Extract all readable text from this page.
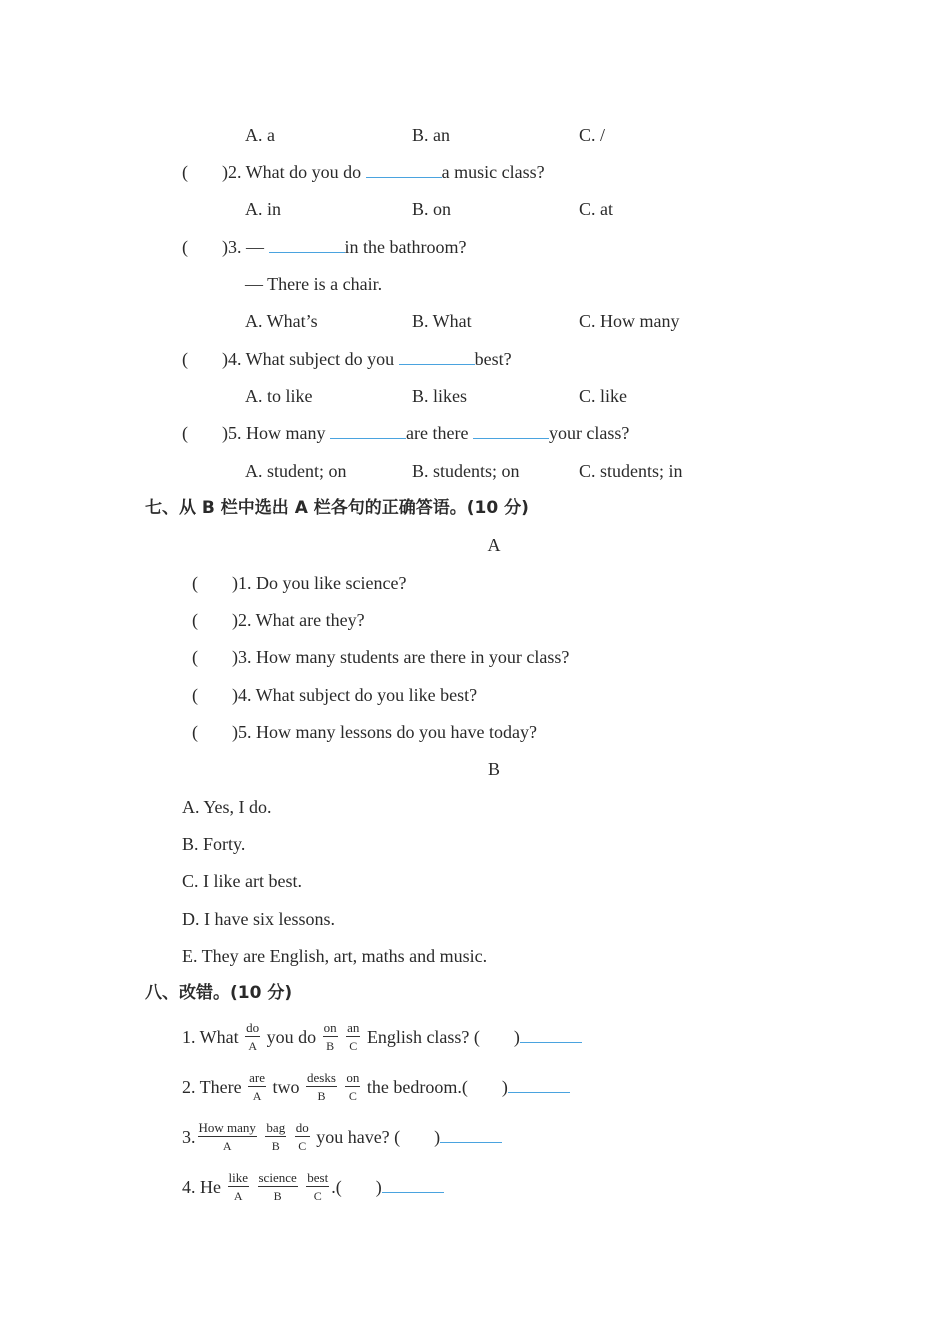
A. a	B. an	C. /
( )2. What do you do	a music class?
A. in	B. on	C. at
( )3. —	in the bathroom?
— There is a chair.
A. What’s	B. What	C. How many
( )4. What subject do you	best?
A. to like	B. likes	C. like
( )5. How many	are there	your class?
A. student; on	B. students; on	C. students; in
七、从 B 栏中选出 A 栏各句的正确答语。(10 分)
A
( )1. Do you like science?
( )2. What are they?
( )3. How many students are there in your class?
( )4. What subject do you like best?
( )5. How many lessons do you have today?
B
A. Yes, I do.
B. Forty.
C. I like art best.
D. I have six lessons.
E. They are English, art, maths and music.
八、改错。(10 分)
1. What $\frac{do}{A}$ you do $\frac{on}{B}$
$\frac{an}{C}$ English class? ( )
2. There $\frac{\text{are}}{A}$ two $\frac{\text{desks}}{B}$
$\frac{on}{C}$ the bedroom.( )
3. $\frac{\text{How many}}{A}$
$\frac{\text{bag}}{B}$
$\frac{do}{C}$ you have? ( )
4. He $\frac{\text{like}}{A}$
$\frac{\text{science}}{B}$
$\frac{\text{best}}{C}$ .( )
